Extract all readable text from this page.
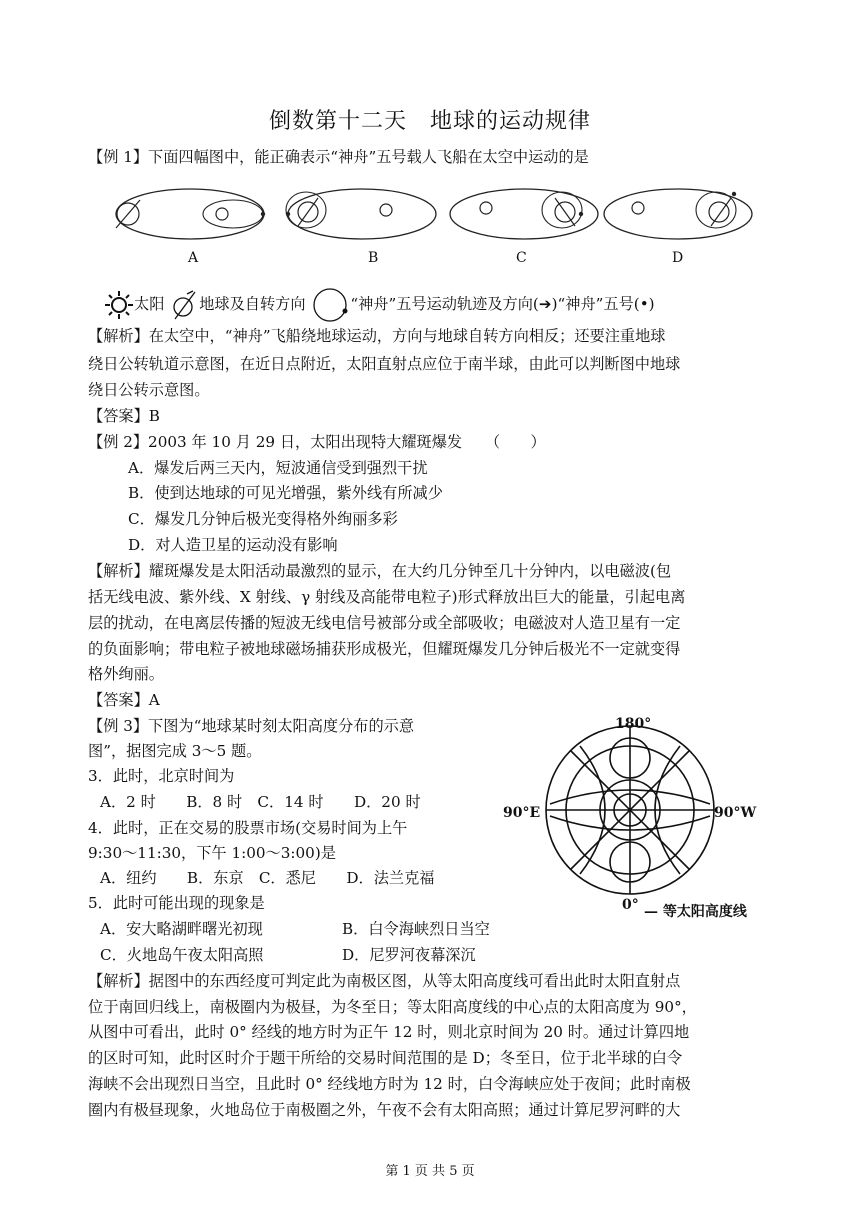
倒数第十二天　地球的运动规律
【例 1】下面四幅图中，能正确表示“神舟”五号载人飞船在太空中运动的是
A	B	C	D
太阳 地球及自转方向	“神舟”五号运动轨迹及方向(➔)“神舟”五号(•)
【解析】在太空中，“神舟”飞船绕地球运动，方向与地球自转方向相反；还要注重地球
绕日公转轨道示意图，在近日点附近，太阳直射点应位于南半球，由此可以判断图中地球
绕日公转示意图。
【答案】B
【例 2】2003 年 10 月 29 日，太阳出现特大耀斑爆发　　（　　）
A．爆发后两三天内，短波通信受到强烈干扰
B．使到达地球的可见光增强，紫外线有所减少
C．爆发几分钟后极光变得格外绚丽多彩
D．对人造卫星的运动没有影响
【解析】耀斑爆发是太阳活动最激烈的显示，在大约几分钟至几十分钟内，以电磁波(包
括无线电波、紫外线、X 射线、γ 射线及高能带电粒子)形式释放出巨大的能量，引起电离
层的扰动，在电离层传播的短波无线电信号被部分或全部吸收；电磁波对人造卫星有一定
的负面影响；带电粒子被地球磁场捕获形成极光，但耀斑爆发几分钟后极光不一定就变得
格外绚丽。
【答案】A
【例 3】下图为“地球某时刻太阳高度分布的示意
图”，据图完成 3～5 题。
3．此时，北京时间为
A．2 时　　B．8 时　C．14 时　　D．20 时
4．此时，正在交易的股票市场(交易时间为上午
9:30～11:30，下午 1:00～3:00)是
A．纽约　　B．东京　C．悉尼　　D．法兰克福
5．此时可能出现的现象是
A．安大略湖畔曙光初现	B．白令海峡烈日当空
C．火地岛午夜太阳高照	D．尼罗河夜幕深沉
180°
90°E	90°W
0° — 等太阳高度线
【解析】据图中的东西经度可判定此为南极区图，从等太阳高度线可看出此时太阳直射点
位于南回归线上，南极圈内为极昼，为冬至日；等太阳高度线的中心点的太阳高度为 90°，
从图中可看出，此时 0° 经线的地方时为正午 12 时，则北京时间为 20 时。通过计算四地
的区时可知，此时区时介于题干所给的交易时间范围的是 D；冬至日，位于北半球的白令
海峡不会出现烈日当空，且此时 0° 经线地方时为 12 时，白令海峡应处于夜间；此时南极
圈内有极昼现象，火地岛位于南极圈之外，午夜不会有太阳高照；通过计算尼罗河畔的大
第 1 页 共 5 页
